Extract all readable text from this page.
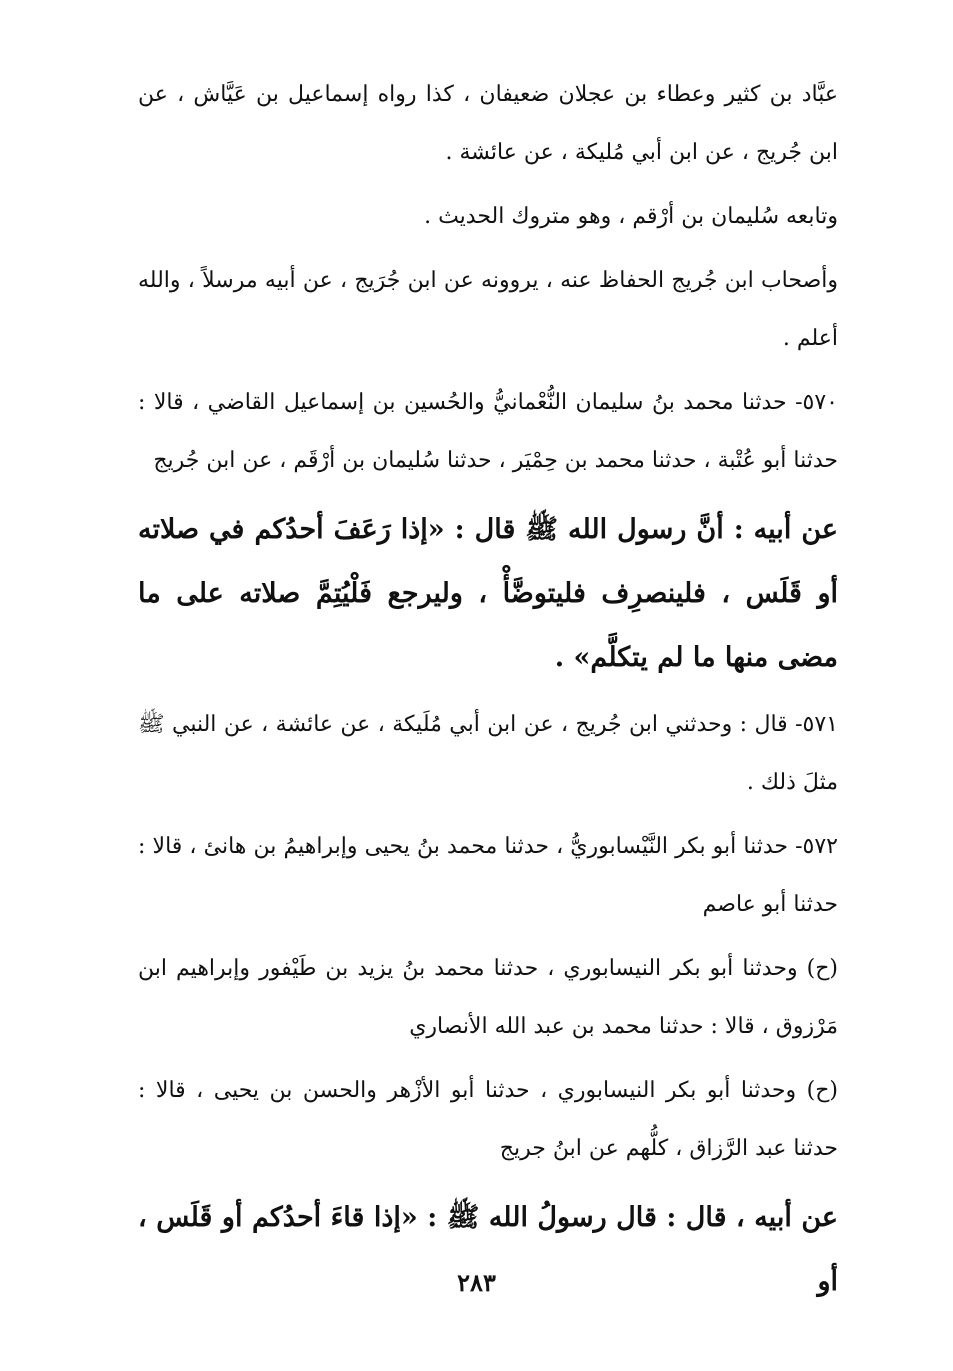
عبَّاد بن كثير وعطاء بن عجلان ضعيفان ، كذا رواه إسماعيل بن عَيَّاش ، عن ابن جُريج ، عن ابن أبي مُليكة ، عن عائشة .

وتابعه سُليمان بن أرْقم ، وهو متروك الحديث .

وأصحاب ابن جُريج الحفاظ عنه ، يروونه عن ابن جُرَيج ، عن أبيه مرسلاً ، والله أعلم .

٥٧٠- حدثنا محمد بنُ سليمان النُّعْمانيُّ والحُسين بن إسماعيل القاضي ، قالا : حدثنا أبو عُتْبة ، حدثنا محمد بن حِمْيَر ، حدثنا سُليمان بن أرْقَم ، عن ابن جُريج

عن أبيه : أنَّ رسول الله ﷺ قال : «إذا رَعَفَ أحدُكم في صلاته أو قَلَس ، فلينصرِف فليتوضَّأْ ، وليرجع فَلْيُتِمَّ صلاته على ما مضى منها ما لم يتكلَّم» .

٥٧١- قال : وحدثني ابن جُريج ، عن ابن أبي مُلَيكة ، عن عائشة ، عن النبي ﷺ مثلَ ذلك .

٥٧٢- حدثنا أبو بكر النَّيْسابوريُّ ، حدثنا محمد بنُ يحيى وإبراهيمُ بن هانئ ، قالا : حدثنا أبو عاصم

(ح) وحدثنا أبو بكر النيسابوري ، حدثنا محمد بنُ يزيد بن طَيْفور وإبراهيم ابن مَرْزوق ، قالا : حدثنا محمد بن عبد الله الأنصاري

(ح) وحدثنا أبو بكر النيسابوري ، حدثنا أبو الأزْهر والحسن بن يحيى ، قالا : حدثنا عبد الرَّزاق ، كلُّهم عن ابنُ جريج

عن أبيه ، قال : قال رسولُ الله ﷺ : «إذا قاءَ أحدُكم أو قَلَس ، أو

٢٨٣
